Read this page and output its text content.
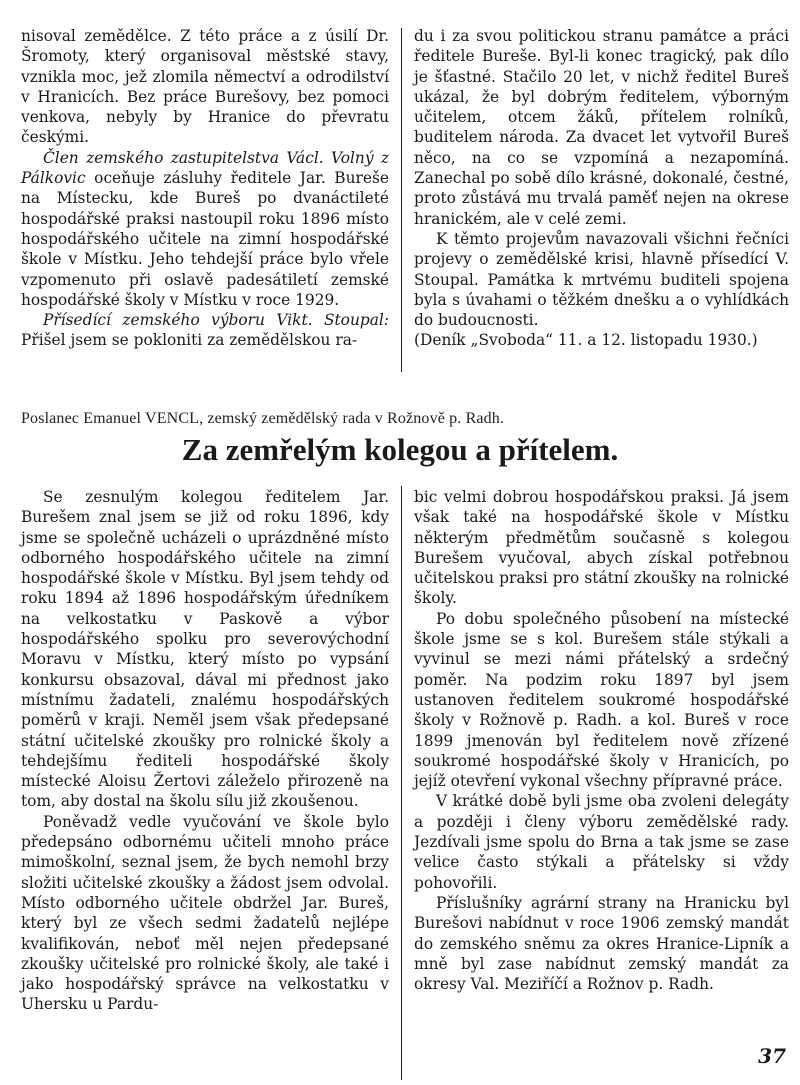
nisoval zemědělce. Z této práce a z úsilí Dr. Šromoty, který organisoval městské stavy, vznikla moc, jež zlomila němectví a odrodilství v Hranicích. Bez práce Burešovy, bez pomoci venkova, nebyly by Hranice do převratu českými.

Člen zemského zastupitelstva Václ. Volný z Pálkovic oceňuje zásluhy ředitele Jar. Bureše na Místecku, kde Bureš po dvanáctileté hospodářské praksi nastoupil roku 1896 místo hospodářského učitele na zimní hospodářské škole v Místku. Jeho tehdejší práce bylo vřele vzpomenuto při oslavě padesátiletí zemské hospodářské školy v Místku v roce 1929.

Přísedící zemského výboru Vikt. Stoupal: Přišel jsem se pokloniti za zemědělskou ra-

du i za svou politickou stranu památce a práci ředitele Bureše. Byl-li konec tragický, pak dílo je šťastné. Stačilo 20 let, v nichž ředitel Bureš ukázal, že byl dobrým ředitelem, výborným učitelem, otcem žáků, přítelem rolníků, buditelem národa. Za dvacet let vytvořil Bureš něco, na co se vzpomíná a nezapomíná. Zanechal po sobě dílo krásné, dokonalé, čestné, proto zůstává mu trvalá paměť nejen na okrese hranickém, ale v celé zemi.

K těmto projevům navazovali všichni řečníci projevy o zemědělské krisi, hlavně přísedící V. Stoupal. Památka k mrtvému buditeli spojena byla s úvahami o těžkém dnešku a o vyhlídkách do budoucnosti.

(Deník „Svoboda“ 11. a 12. listopadu 1930.)

Poslanec Emanuel VENCL, zemský zemědělský rada v Rožnově p. Radh.
Za zemřelým kolegou a přítelem.

Se zesnulým kolegou ředitelem Jar. Burešem znal jsem se již od roku 1896, kdy jsme se společně ucházeli o uprázdněné místo odborného hospodářského učitele na zimní hospodářské škole v Místku. Byl jsem tehdy od roku 1894 až 1896 hospodářským úředníkem na velkostatku v Paskově a výbor hospodářského spolku pro severovýchodní Moravu v Místku, který místo po vypsání konkursu obsazoval, dával mi přednost jako místnímu žadateli, znalému hospodářských poměrů v kraji. Neměl jsem však předepsané státní učitelské zkoušky pro rolnické školy a tehdejšímu řediteli hospodářské školy místecké Aloisu Žertovi záleželo přirozeně na tom, aby dostal na školu sílu již zkoušenou.

Poněvadž vedle vyučování ve škole bylo předepsáno odbornému učiteli mnoho práce mimoškolní, seznal jsem, že bych nemohl brzy složiti učitelské zkoušky a žádost jsem odvolal. Místo odborného učitele obdržel Jar. Bureš, který byl ze všech sedmi žadatelů nejlépe kvalifikován, neboť měl nejen předepsané zkoušky učitelské pro rolnické školy, ale také i jako hospodářský správce na velkostatku v Uhersku u Pardu-

bic velmi dobrou hospodářskou praksi. Já jsem však také na hospodářské škole v Místku některým předmětům současně s kolegou Burešem vyučoval, abych získal potřebnou učitelskou praksi pro státní zkoušky na rolnické školy.

Po dobu společného působení na místecké škole jsme se s kol. Burešem stále stýkali a vyvinul se mezi námi přátelský a srdečný poměr. Na podzim roku 1897 byl jsem ustanoven ředitelem soukromé hospodářské školy v Rožnově p. Radh. a kol. Bureš v roce 1899 jmenován byl ředitelem nově zřízené soukromé hospodářské školy v Hranicích, po jejíž otevření vykonal všechny přípravné práce.

V krátké době byli jsme oba zvoleni delegáty a později i členy výboru zemědělské rady. Jezdívali jsme spolu do Brna a tak jsme se zase velice často stýkali a přátelsky si vždy pohovořili.

Příslušníky agrární strany na Hranicku byl Burešovi nabídnut v roce 1906 zemský mandát do zemského sněmu za okres Hranice-Lipník a mně byl zase nabídnut zemský mandát za okresy Val. Meziříčí a Rožnov p. Radh.

37
